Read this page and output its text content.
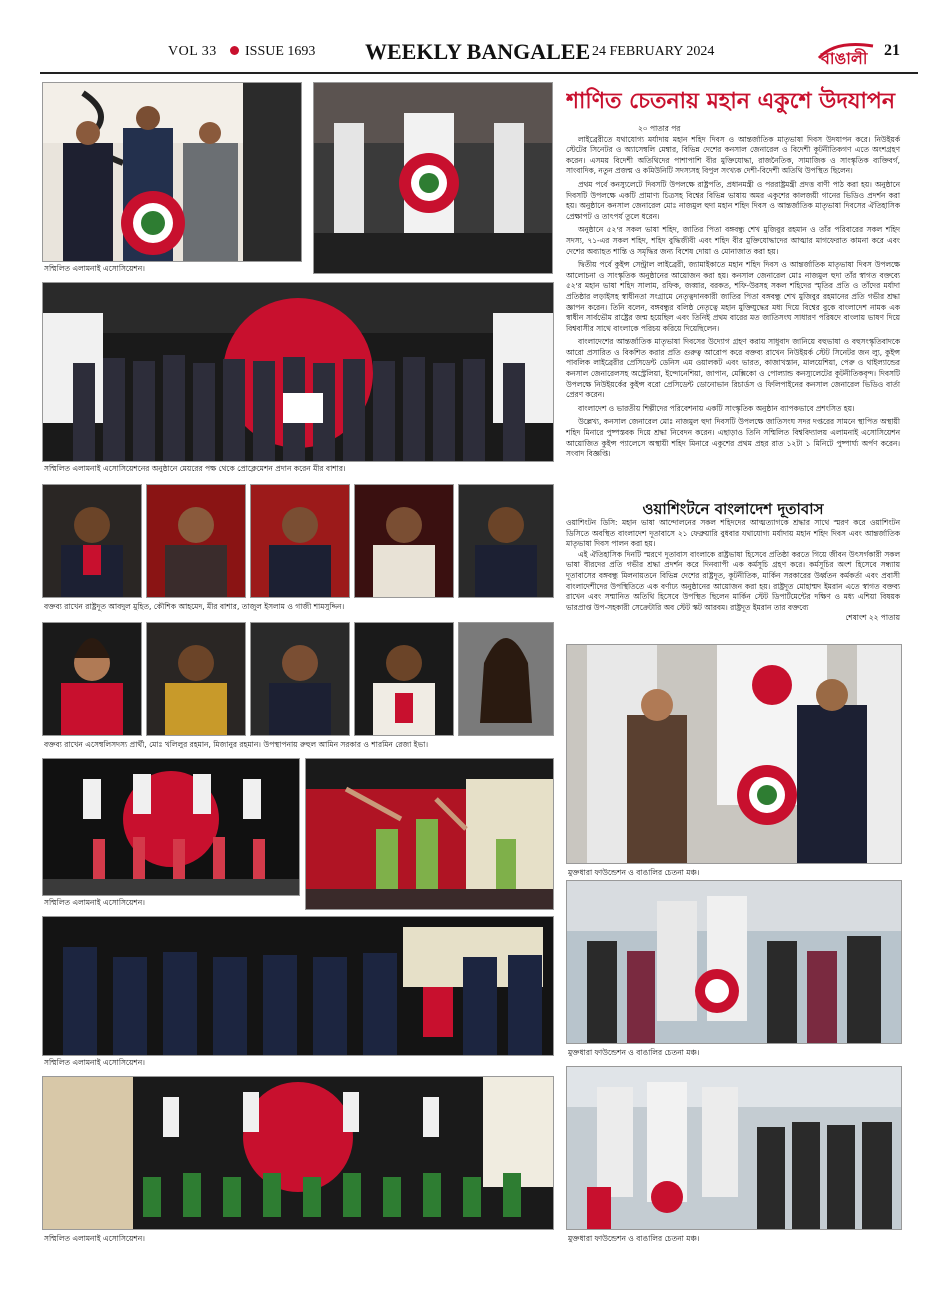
VOL 33 ISSUE 1693 WEEKLY BANGALEE 24 FEBRUARY 2024	বাঙালী 21
সম্মিলিত এলামনাই এসোসিয়েশন।
শাণিত চেতনায় মহান একুশে উদযাপন

২০ পাতার পর

লাইব্রেরীতে যথাযোগ্য মর্যাদায় মহান শহিদ দিবস ও আন্তর্জাতিক মাতৃভাষা দিবস উদযাপন করে। নিউইয়র্ক স্টেটের সিনেটর ও অ্যাসেম্বলি মেম্বার, বিভিন্ন দেশের কনসাল জেনারেল ও বিদেশী কূটনীতিকগণ এতে অংশগ্রহণ করেন। এসময় বিদেশী অতিথিদের পাশাপাশি বীর মুক্তিযোদ্ধা, রাজনৈতিক, সামাজিক ও সাংস্কৃতিক ব্যক্তিবর্গ, সাংবাদিক, নতুন প্রজন্ম ও কমিউনিটি সদস্যসহ বিপুল সংখ্যক দেশী-বিদেশী অতিথি উপস্থিত ছিলেন।

প্রথম পর্বে কনস্যুলেটে দিবসটি উপলক্ষে রাষ্ট্রপতি, প্রধানমন্ত্রী ও পররাষ্ট্রমন্ত্রী প্রদত্ত বাণী পাঠ করা হয়। অনুষ্ঠানে দিবসটি উপলক্ষে একটি প্রামাণ্য চিত্রসহ বিশ্বের বিভিন্ন ভাষায় অমর একুশের কালজয়ী গানের ভিডিও প্রদর্শন করা হয়। অনুষ্ঠানে কনসাল জেনারেল মোঃ নাজমুল হুদা মহান শহিদ দিবস ও আন্তর্জাতিক মাতৃভাষা দিবসের ঐতিহাসিক প্রেক্ষাপট ও তাৎপর্য তুলে ধরেন।

অনুষ্ঠানে ৫২'র সকল ভাষা শহিদ, জাতির পিতা বঙ্গবন্ধু শেখ মুজিবুর রহমান ও তাঁর পরিবারের সকল শহিদ সদস্য, ৭১-এর সকল শহিদ, শহিদ বুদ্ধিজীবী এবং শহিদ বীর মুক্তিযোদ্ধাদের আত্মার মাগফেরাত কামনা করে এবং দেশের অব্যাহত শান্তি ও সমৃদ্ধির জন্য বিশেষ দোয়া ও মোনাজাত করা হয়।

দ্বিতীয় পর্বে কুইন্স সেন্ট্রাল লাইব্রেরী, জ্যামাইকাতে মহান শহিদ দিবস ও আন্তর্জাতিক মাতৃভাষা দিবস উপলক্ষে আলোচনা ও সাংস্কৃতিক অনুষ্ঠানের আয়োজন করা হয়। কনসাল জেনারেল মোঃ নাজমুল হুদা তাঁর স্বাগত বক্তব্যে ৫২'র মহান ভাষা শহিদ সালাম, রফিক, জব্বার, বরকত, শফি-উরসহ সকল শহিদের স্মৃতির প্রতি ও তাঁদের মর্যাদা প্রতিষ্ঠার লড়াইসহ স্বাধীনতা সংগ্রামে নেতৃত্বদানকারী জাতির পিতা বঙ্গবন্ধু শেখ মুজিবুর রহমানের প্রতি গভীর শ্রদ্ধা জ্ঞাপন করেন। তিনি বলেন, বঙ্গবন্ধুর বলিষ্ঠ নেতৃত্বে মহান মুক্তিযুদ্ধের মধ্য দিয়ে বিশ্বের বুকে বাংলাদেশ নামক এক স্বাধীন সার্বভৌম রাষ্ট্রের জন্ম হয়েছিল এবং তিনিই প্রথম বারের মত জাতিসংঘ সাধারণ পরিষদে বাংলায় ভাষণ দিয়ে বিশ্ববাসীর সাথে বাংলাকে পরিচয় করিয়ে দিয়েছিলেন।

বাংলাদেশের আন্তর্জাতিক মাতৃভাষা দিবসের উদ্যোগ গ্রহণ করায় সাধুবাদ জানিয়ে বহুভাষা ও বহুসংস্কৃতিবাদকে আরো প্রসারিত ও বিকশিত করার প্রতি গুরুত্ব আরোপ করে বক্তব্য রাখেন নিউইয়র্ক স্টেট সিনেটর জন ল্যু, কুইন্স পাবলিক লাইব্রেরীর প্রেসিডেন্ট ডেনিস এম ওয়ালকট এবং ভারত, কাজাখস্তান, মালয়েশিয়া, পেরু ও থাইল্যান্ডের কনসাল জেনারেলসহ অস্ট্রেলিয়া, ইন্দোনেশিয়া, জাপান, মেক্সিকো ও পোল্যান্ড কনস্যুলেটের কূটনীতিকবৃন্দ। দিবসটি উপলক্ষে নিউইয়র্কের কুইন্স বরো প্রেসিডেন্ট ডোনোভান রিচার্ডস ও ফিলিপাইনের কনসাল জেনারেল ভিডিও বার্তা প্রেরণ করেন।

বাংলাদেশ ও ভারতীয় শিল্পীদের পরিবেশনায় একটি সাংস্কৃতিক অনুষ্ঠান ব্যাপকভাবে প্রশংসিত হয়।

উল্লেখ্য, কনসাল জেনারেল মোঃ নাজমুল হুদা দিবসটি উপলক্ষে জাতিসংঘ সদর দপ্তরের সামনে স্থাপিত অস্থায়ী শহিদ মিনারে পুষ্পস্তবক দিয়ে শ্রদ্ধা নিবেদন করেন। এছাড়াও তিনি সম্মিলিত বিশ্ববিদ্যালয় এলামনাই এসোসিয়েশন আয়োজিত কুইন্স প্যালেসে অস্থায়ী শহিদ মিনারে একুশের প্রথম প্রহর রাত ১২টা ১ মিনিটে পুষ্পার্ঘ্য অর্পণ করেন। সংবাদ বিজ্ঞপ্তি।

সম্মিলিত এলামনাই এসোসিয়েশনের অনুষ্ঠানে মেয়রের পক্ষ থেকে প্রোক্লেমেশন প্রদান করেন মীর বাশার।
বক্তব্য রাখেন রাষ্ট্রদূত আবদুল মুহিত, কৌশিক আহমেদ, মীর বাশার, তাজুল ইসলাম ও গাজী শামসুদ্দিন।
বক্তব্য রাখেন এসেম্বলিসদস্য প্রার্থী, মোঃ খলিলুর রহমান, মিজানুর রহমান। উপস্থাপনায় রুহুল আমিন সরকার ও শারমিন রেজা ইভা।
ওয়াশিংটনে বাংলাদেশ দূতাবাস

ওয়াশিংটন ডিসি: মহান ভাষা আন্দোলনের সকল শহিদদের আত্মত্যাগকে শ্রদ্ধার সাথে স্মরণ করে ওয়াশিংটন ডিসিতে অবস্থিত বাংলাদেশ দূতাবাসে ২১ ফেব্রুয়ারি বুধবার যথাযোগ্য মর্যাদায় মহান শহিদ দিবস এবং আন্তর্জাতিক মাতৃভাষা দিবস পালন করা হয়।

এই ঐতিহাসিক দিনটি স্মরণে দূতাবাস বাংলাকে রাষ্ট্রভাষা হিসেবে প্রতিষ্ঠা করতে গিয়ে জীবন উৎসর্গকারী সকল ভাষা বীরদের প্রতি গভীর শ্রদ্ধা প্রদর্শন করে দিনব্যাপী এক কর্মসূচি গ্রহণ করে। কর্মসূচির অংশ হিসেবে সন্ধ্যায় দূতাবাসের বঙ্গবন্ধু মিলনায়তনে বিভিন্ন দেশের রাষ্ট্রদূত, কূটনীতিক, মার্কিন সরকারের উর্ধ্বতন কর্মকর্তা এবং প্রবাসী বাংলাদেশীদের উপস্থিতিতে এক বর্ণাঢ্য অনুষ্ঠানের আয়োজন করা হয়। রাষ্ট্রদূত মোহাম্মদ ইমরান এতে স্বাগত বক্তব্য রাখেন এবং সম্মানিত অতিথি হিসেবে উপস্থিত ছিলেন মার্কিন স্টেট ডিপার্টমেন্টের দক্ষিণ ও মধ্য এশিয়া বিষয়ক ভারপ্রাপ্ত উপ-সহকারী সেক্রেটারি অব স্টেট স্কট আরবম। রাষ্ট্রদূত ইমরান তার বক্তব্যে

শেষাংশ ২২ পাতায়

সম্মিলিত এলামনাই এসোসিয়েশন।
সম্মিলিত এলামনাই এসোসিয়েশন।
সম্মিলিত এলামনাই এসোসিয়েশন।
মুক্তধারা ফাউন্ডেশন ও বাঙালির চেতনা মঞ্চ।
মুক্তধারা ফাউন্ডেশন ও বাঙালির চেতনা মঞ্চ।
মুক্তধারা ফাউন্ডেশন ও বাঙালির চেতনা মঞ্চ।
